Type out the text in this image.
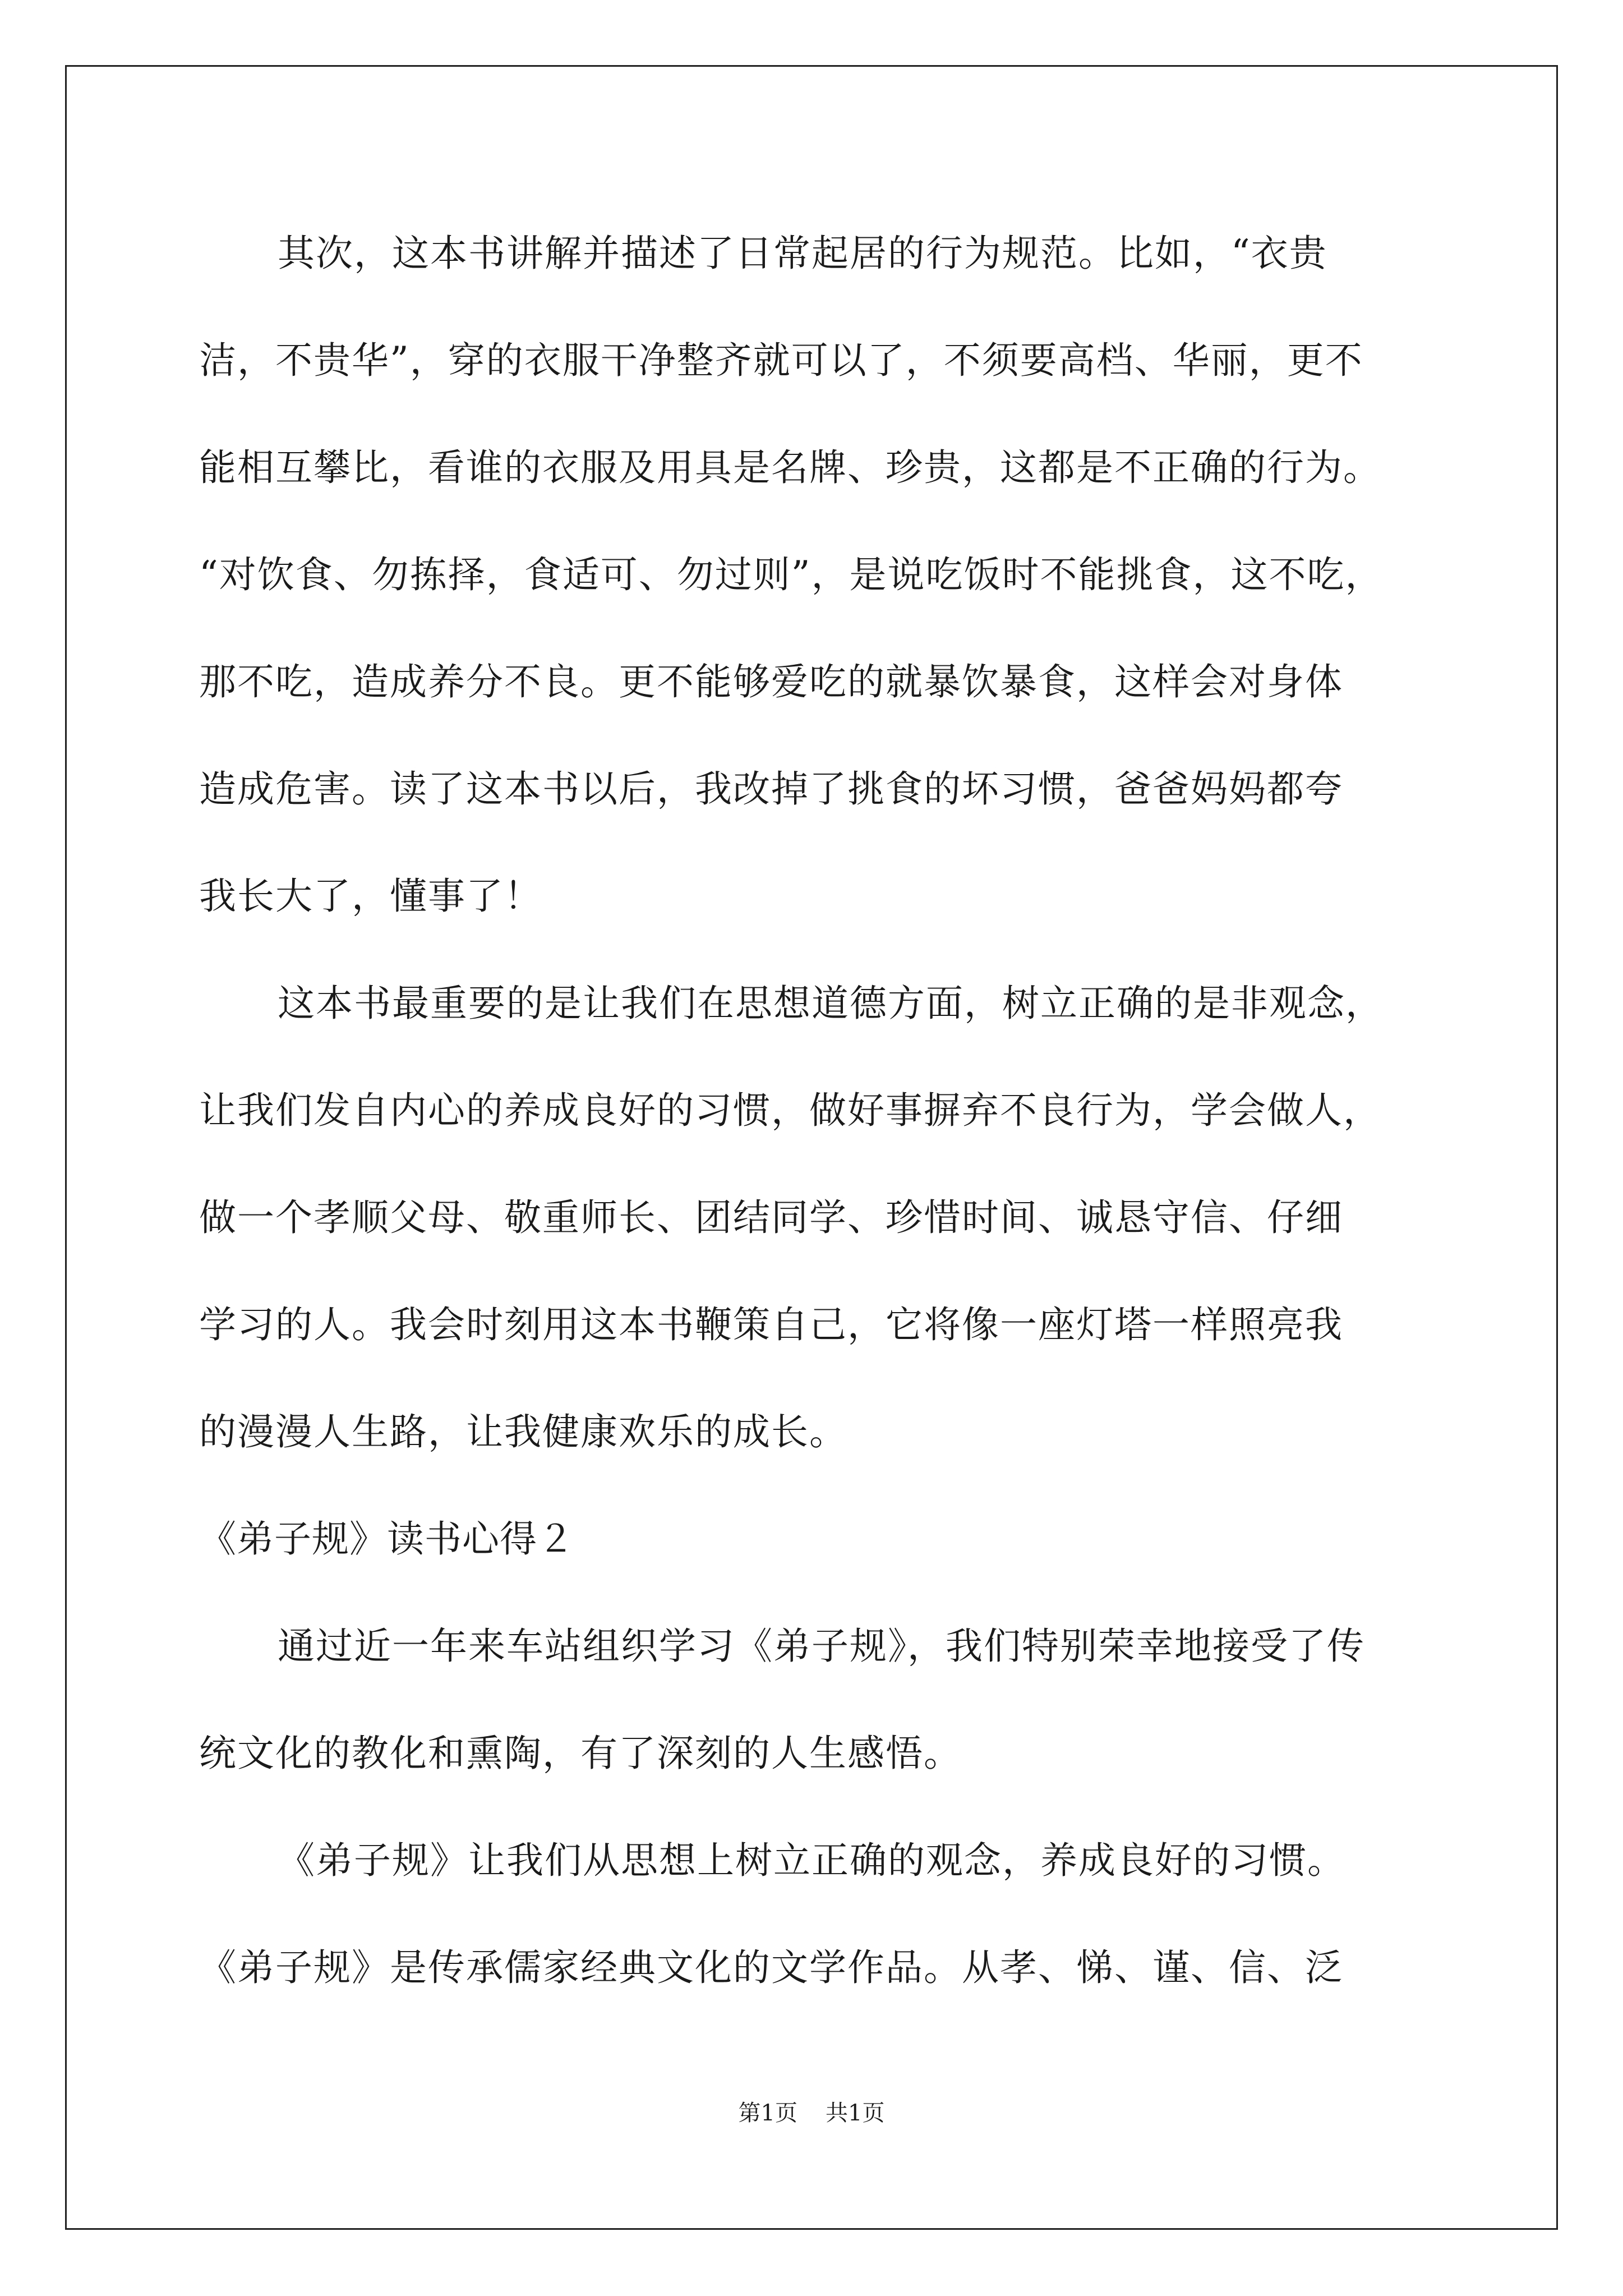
其次，这本书讲解并描述了日常起居的行为规范。比如，“衣贵
洁，不贵华”，穿的衣服干净整齐就可以了，不须要高档、华丽，更不
能相互攀比，看谁的衣服及用具是名牌、珍贵，这都是不正确的行为。
“对饮食、勿拣择，食适可、勿过则”，是说吃饭时不能挑食，这不吃，
那不吃，造成养分不良。更不能够爱吃的就暴饮暴食，这样会对身体
造成危害。读了这本书以后，我改掉了挑食的坏习惯，爸爸妈妈都夸
我长大了，懂事了！
这本书最重要的是让我们在思想道德方面，树立正确的是非观念，
让我们发自内心的养成良好的习惯，做好事摒弃不良行为，学会做人，
做一个孝顺父母、敬重师长、团结同学、珍惜时间、诚恳守信、仔细
学习的人。我会时刻用这本书鞭策自己，它将像一座灯塔一样照亮我
的漫漫人生路，让我健康欢乐的成长。
《弟子规》读书心得２
通过近一年来车站组织学习《弟子规》，我们特别荣幸地接受了传
统文化的教化和熏陶，有了深刻的人生感悟。
《弟子规》让我们从思想上树立正确的观念，养成良好的习惯。
《弟子规》是传承儒家经典文化的文学作品。从孝、悌、谨、信、泛
第1页 共1页
